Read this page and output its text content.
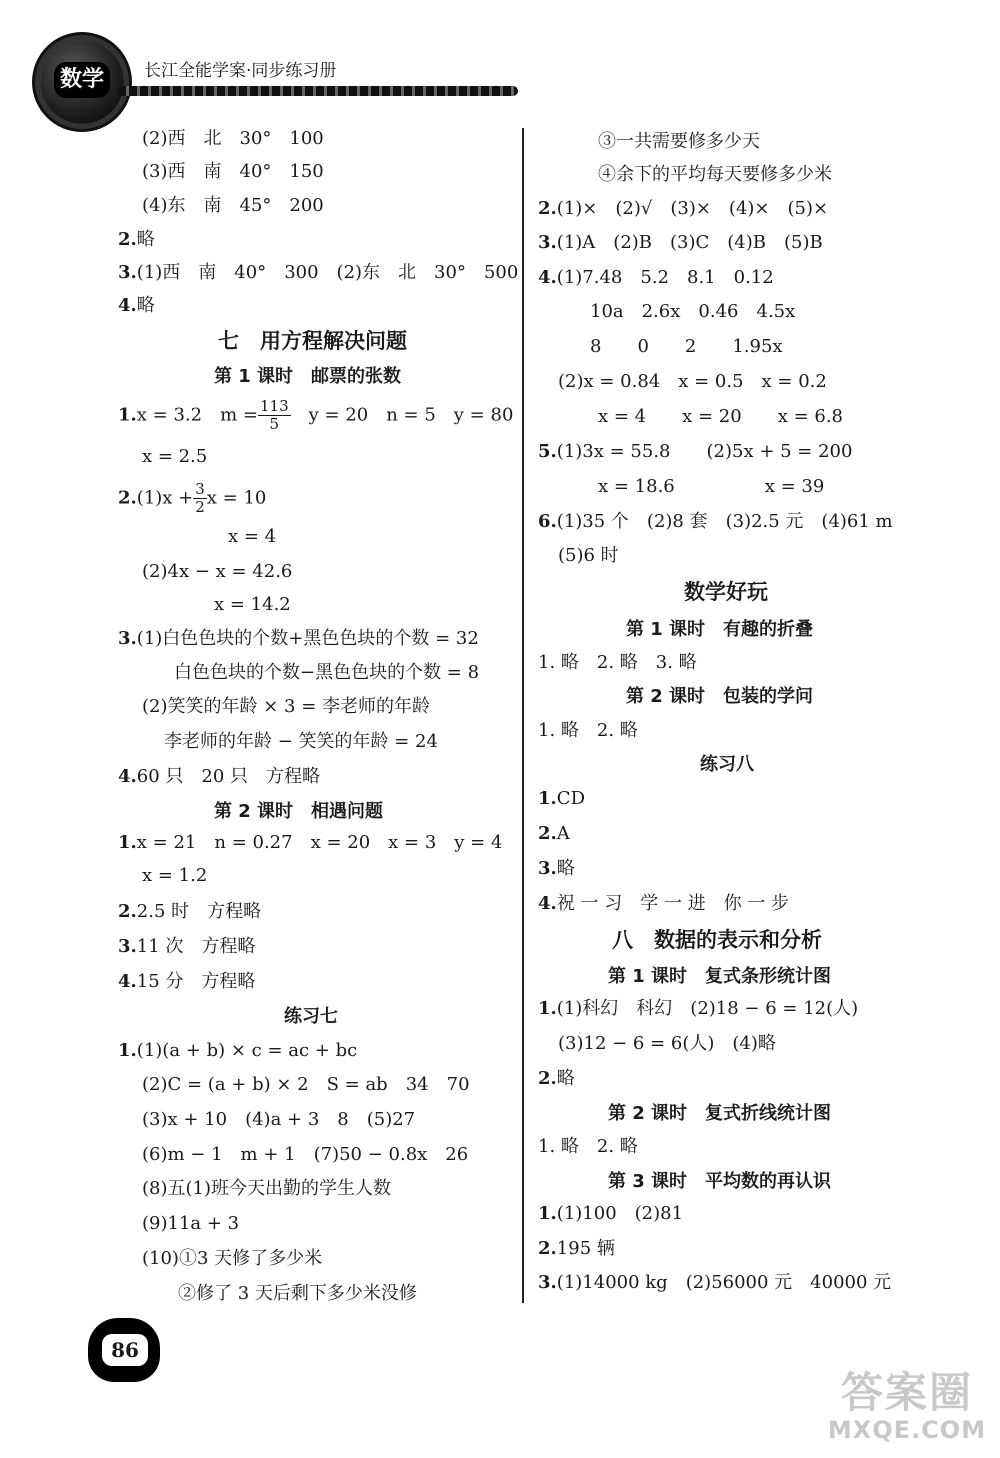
数学	长江全能学案·同步练习册
(2)西　北　30°　100
(3)西　南　40°　150
(4)东　南　45°　200
2.略
3.(1)西　南　40°　300　(2)东　北　30°　500
4.略
七　用方程解决问题
第 1 课时　邮票的张数
1.x = 3.2　$m = \frac{113}{5}$
　 y = 20　n = 5　y = 80
x = 2.5
$2.(1)x + \frac{3}{2}$ x = 10
x = 4
(2)4x − x = 42.6
x = 14.2
3.(1)白色色块的个数+黑色色块的个数 = 32
白色色块的个数−黑色色块的个数 = 8
(2)笑笑的年龄 × 3 = 李老师的年龄
李老师的年龄 − 笑笑的年龄 = 24
4.60 只　20 只　方程略
第 2 课时　相遇问题
1.x = 21　n = 0.27　x = 20　x = 3　y = 4
x = 1.2
2.2.5 时　方程略
3.11 次　方程略
4.15 分　方程略
练习七
1.(1)(a + b) × c = ac + bc
(2)C = (a + b) × 2　S = ab　34　70
(3)x + 10　(4)a + 3　8　(5)27
(6)m − 1　m + 1　(7)50 − 0.8x　26
(8)五(1)班今天出勤的学生人数
(9)11a + 3
(10)①3 天修了多少米
②修了 3 天后剩下多少米没修
③一共需要修多少天
④余下的平均每天要修多少米
2.(1)×　(2)√　(3)×　(4)×　(5)×
3.(1)A　(2)B　(3)C　(4)B　(5)B
4.(1)7.48　5.2　8.1　0.12
10a　2.6x　0.46　4.5x
8　　0　　2　　1.95x
(2)x = 0.84　x = 0.5　x = 0.2
x = 4　　x = 20　　x = 6.8
5.(1)3x = 55.8　　(2)5x + 5 = 200
x = 18.6　　　　　x = 39
6.(1)35 个　(2)8 套　(3)2.5 元　(4)61 m
(5)6 时
数学好玩
第 1 课时　有趣的折叠
1. 略　2. 略　3. 略
第 2 课时　包装的学问
1. 略　2. 略
练习八
1.CD
2.A
3.略
4.祝 一 习　学 一 进　你 一 步
八　数据的表示和分析
第 1 课时　复式条形统计图
1.(1)科幻　科幻　(2)18 − 6 = 12(人)
(3)12 − 6 = 6(人)　(4)略
2.略
第 2 课时　复式折线统计图
1. 略　2. 略
第 3 课时　平均数的再认识
1.(1)100　(2)81
2.195 辆
3.(1)14000 kg　(2)56000 元　40000 元
86
答案圈
MXQE.COM
